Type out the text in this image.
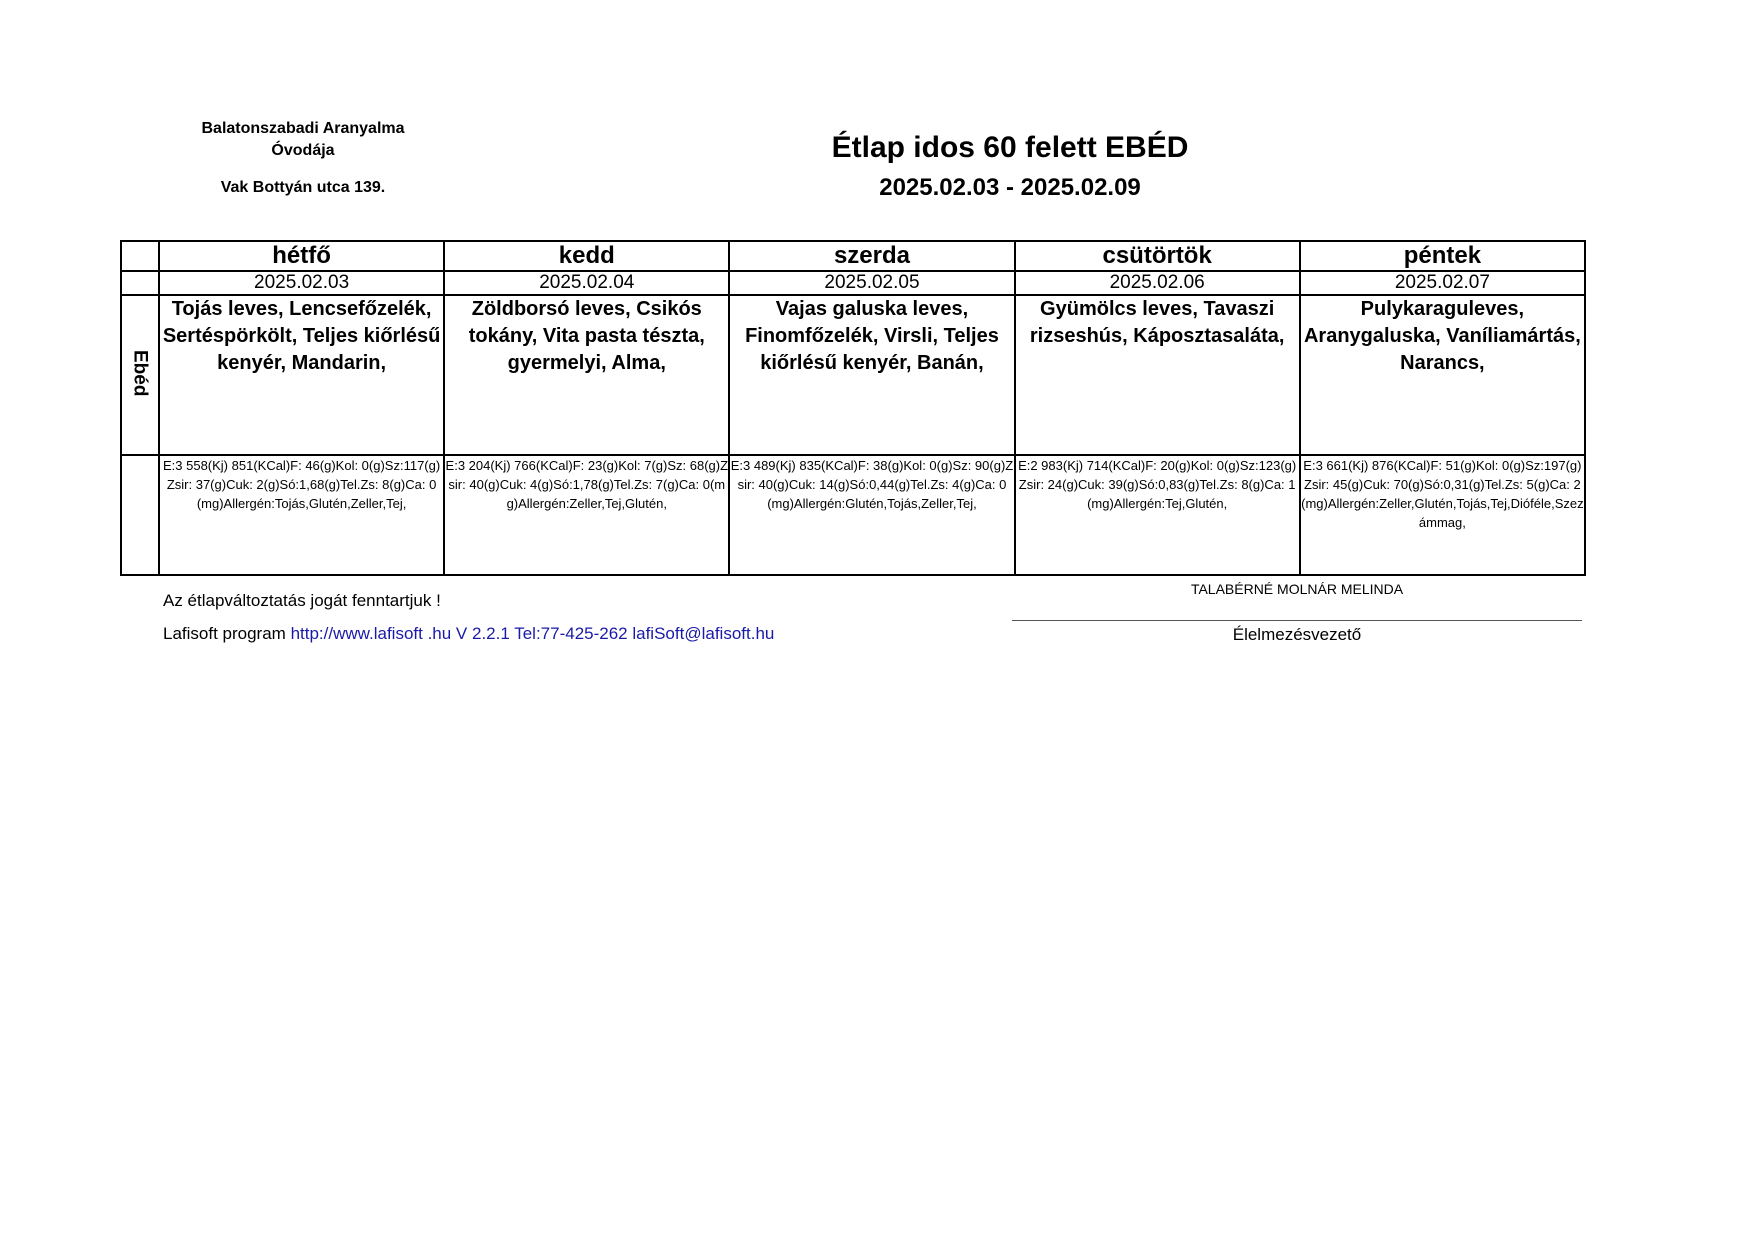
Balatonszabadi Aranyalma
Óvodája
Vak Bottyán utca 139.
Étlap idos 60 felett EBÉD
2025.02.03 - 2025.02.09
	hétfő	kedd	szerda	csütörtök	péntek
	2025.02.03	2025.02.04	2025.02.05	2025.02.06	2025.02.07

Ebéd	Tojás leves, Lencsefőzelék, Sertéspörkölt, Teljes kiőrlésű kenyér, Mandarin,	Zöldborsó leves, Csikós tokány, Vita pasta tészta, gyermelyi, Alma,	Vajas galuska leves, Finomfőzelék, Virsli, Teljes kiőrlésű kenyér, Banán,	Gyümölcs leves, Tavaszi rizseshús, Káposztasaláta,	Pulykaraguleves, Aranygaluska, Vaníliamártás, Narancs,
	E:3 558(Kj) 851(KCal)F: 46(g)Kol: 0(g)Sz:117(g)Zsir: 37(g)Cuk: 2(g)Só:1,68(g)Tel.Zs: 8(g)Ca: 0(mg)Allergén:Tojás,Glutén,Zeller,Tej,	E:3 204(Kj) 766(KCal)F: 23(g)Kol: 7(g)Sz: 68(g)Zsir: 40(g)Cuk: 4(g)Só:1,78(g)Tel.Zs: 7(g)Ca: 0(mg)Allergén:Zeller,Tej,Glutén,	E:3 489(Kj) 835(KCal)F: 38(g)Kol: 0(g)Sz: 90(g)Zsir: 40(g)Cuk: 14(g)Só:0,44(g)Tel.Zs: 4(g)Ca: 0(mg)Allergén:Glutén,Tojás,Zeller,Tej,	E:2 983(Kj) 714(KCal)F: 20(g)Kol: 0(g)Sz:123(g)Zsir: 24(g)Cuk: 39(g)Só:0,83(g)Tel.Zs: 8(g)Ca: 1(mg)Allergén:Tej,Glutén,	E:3 661(Kj) 876(KCal)F: 51(g)Kol: 0(g)Sz:197(g)Zsir: 45(g)Cuk: 70(g)Só:0,31(g)Tel.Zs: 5(g)Ca: 2(mg)Allergén:Zeller,Glutén,Tojás,Tej,Dióféle,Szezámmag,
Az étlapváltoztatás jogát fenntartjuk !
Lafisoft program http://www.lafisoft .hu V 2.2.1 Tel:77-425-262 lafiSoft@lafisoft.hu
TALABÉRNÉ MOLNÁR MELINDA
Élelmezésvezető
